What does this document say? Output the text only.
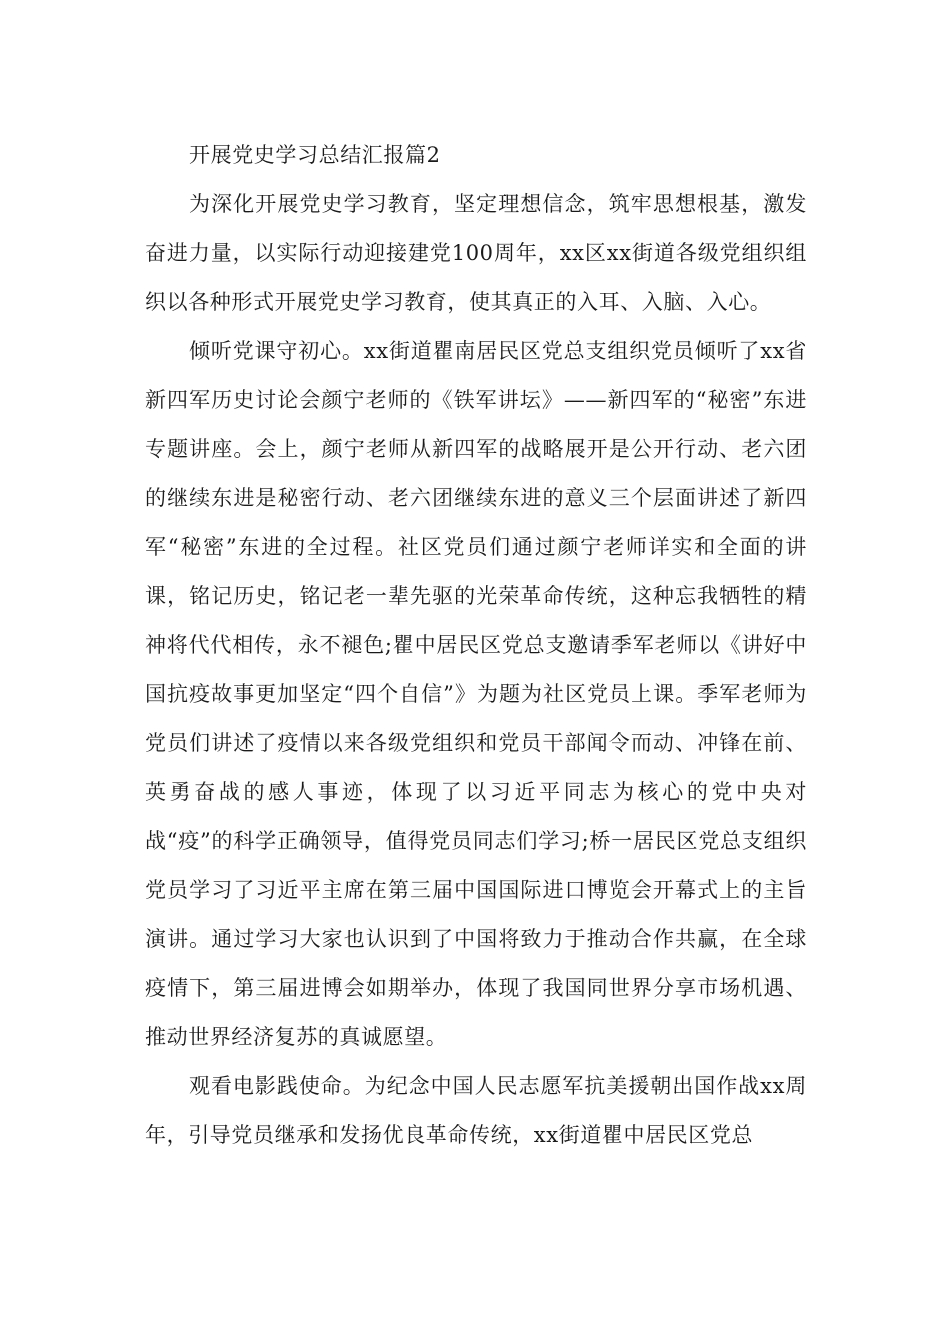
开展党史学习总结汇报篇2

为深化开展党史学习教育，坚定理想信念，筑牢思想根基，激发奋进力量，以实际行动迎接建党100周年，xx区xx街道各级党组织组织以各种形式开展党史学习教育，使其真正的入耳、入脑、入心。

倾听党课守初心。xx街道瞿南居民区党总支组织党员倾听了xx省新四军历史讨论会颜宁老师的《铁军讲坛》——新四军的“秘密”东进专题讲座。会上，颜宁老师从新四军的战略展开是公开行动、老六团的继续东进是秘密行动、老六团继续东进的意义三个层面讲述了新四军“秘密”东进的全过程。社区党员们通过颜宁老师详实和全面的讲课，铭记历史，铭记老一辈先驱的光荣革命传统，这种忘我牺牲的精神将代代相传，永不褪色;瞿中居民区党总支邀请季军老师以《讲好中国抗疫故事更加坚定“四个自信”》为题为社区党员上课。季军老师为党员们讲述了疫情以来各级党组织和党员干部闻令而动、冲锋在前、英勇奋战的感人事迹，体现了以习近平同志为核心的党中央对战“疫”的科学正确领导，值得党员同志们学习;桥一居民区党总支组织党员学习了习近平主席在第三届中国国际进口博览会开幕式上的主旨演讲。通过学习大家也认识到了中国将致力于推动合作共赢，在全球疫情下，第三届进博会如期举办，体现了我国同世界分享市场机遇、推动世界经济复苏的真诚愿望。

观看电影践使命。为纪念中国人民志愿军抗美援朝出国作战xx周年，引导党员继承和发扬优良革命传统，xx街道瞿中居民区党总
